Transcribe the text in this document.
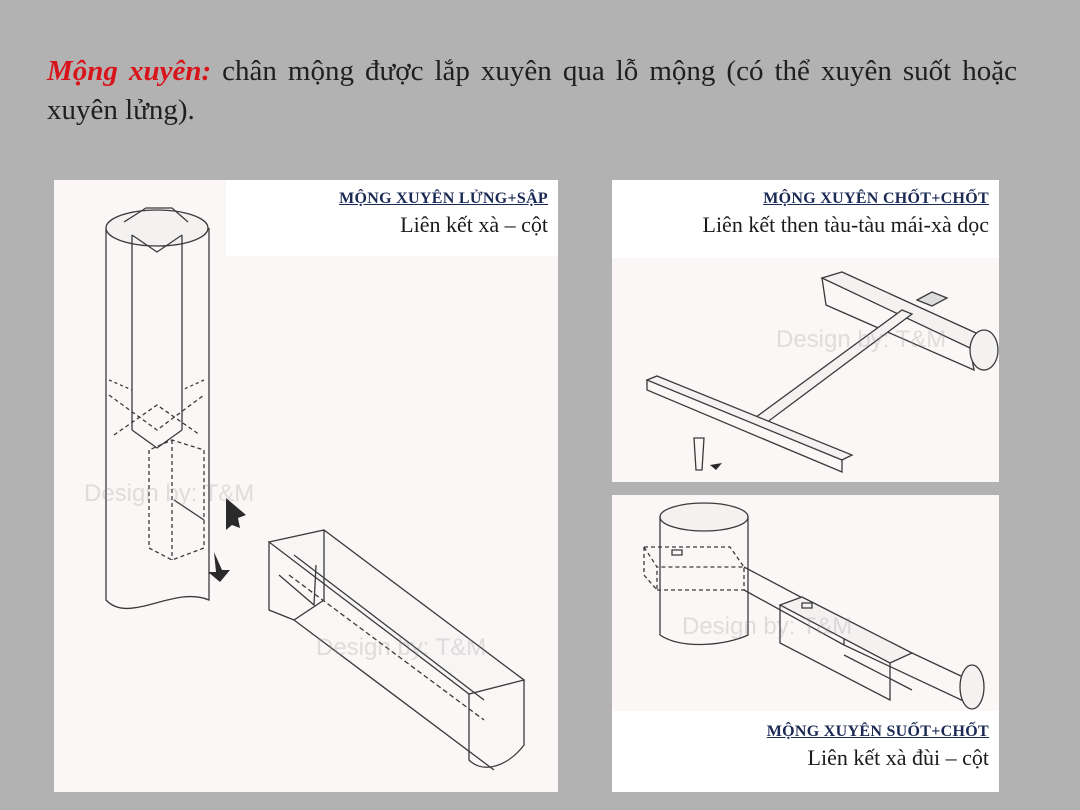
Mộng xuyên: chân mộng được lắp xuyên qua lỗ mộng (có thể xuyên suốt hoặc xuyên lửng).
Design by: T&M
Design by: T&M
MỘNG XUYÊN LỬNG+SẬP
Liên kết xà – cột
Design by: T&M
MỘNG XUYÊN CHỐT+CHỐT
Liên kết then tàu-tàu mái-xà dọc
Design by: T&M
MỘNG XUYÊN SUỐT+CHỐT
Liên kết xà đùi – cột
